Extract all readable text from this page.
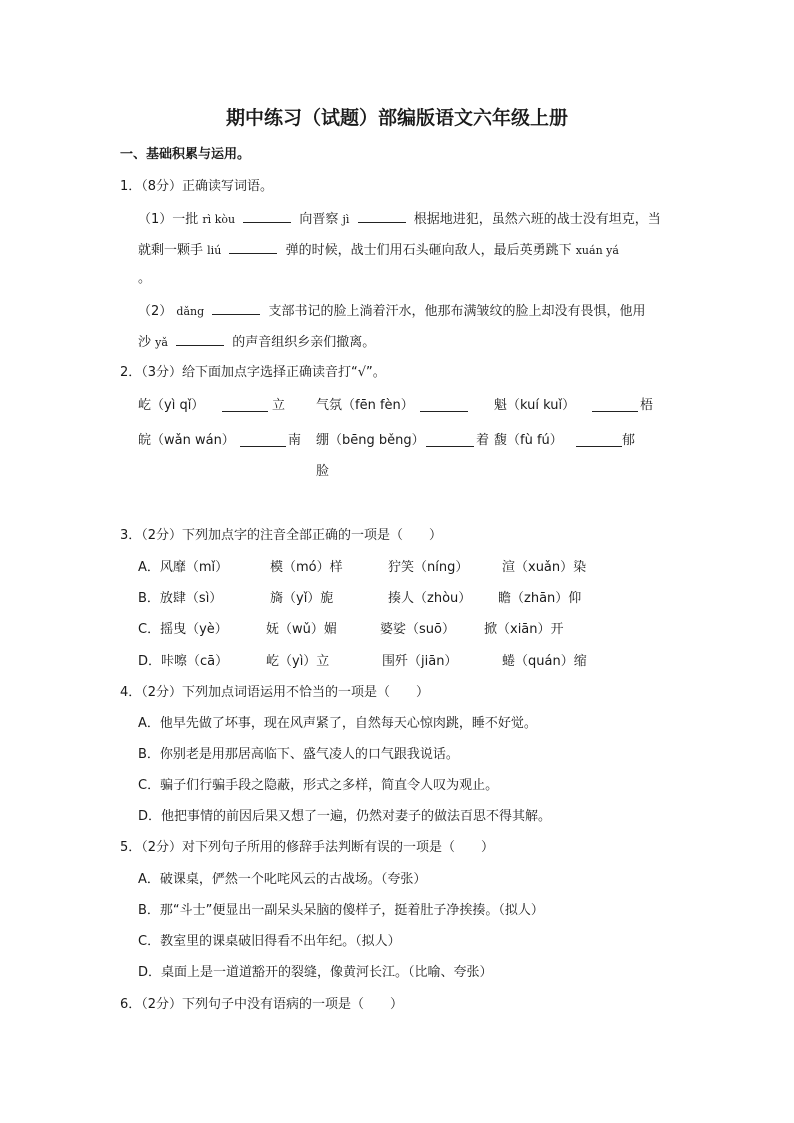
期中练习（试题）部编版语文六年级上册
一、基础积累与运用。
1．（8分）正确读写词语。
（1）一批 rì kòu	向晋察 jì	根据地进犯，虽然六班的战士没有坦克，当
就剩一颗手 liú	弹的时候，战士们用石头砸向敌人，最后英勇跳下 xuán yá
。
（2） dǎng	支部书记的脸上淌着汗水，他那布满皱纹的脸上却没有畏惧，他用
沙 yǎ	的声音组织乡亲们撤离。
2．（3分）给下面加点字选择正确读音打“√”。
屹（yì qǐ）	立 气氛（fēn fèn）	魁（kuí kuǐ）	梧
皖（wǎn wán）	南 绷（bēng běng）	着 馥（fù fú）	郁
脸
3．（2分）下列加点字的注音全部正确的一项是（　　）
A．风靡（mǐ）	模（mó）样	狞笑（níng）	渲（xuǎn）染
B．放肆（sì）	旖（yǐ）旎	揍人（zhòu） 瞻（zhān）仰
C．摇曳（yè）	妩（wǔ）媚	婆娑（suō） 掀（xiān）开
D．咔嚓（cā）	屹（yì）立	围歼（jiān）	蜷（quán）缩
4．（2分）下列加点词语运用不恰当的一项是（　　）
A．他早先做了坏事，现在风声紧了，自然每天心惊肉跳，睡不好觉。
B．你别老是用那居高临下、盛气凌人的口气跟我说话。
C．骗子们行骗手段之隐蔽，形式之多样，简直令人叹为观止。
D．他把事情的前因后果又想了一遍，仍然对妻子的做法百思不得其解。
5．（2分）对下列句子所用的修辞手法判断有误的一项是（　　）
A．破课桌，俨然一个叱咤风云的古战场。（夸张）
B．那“斗士”便显出一副呆头呆脑的傻样子，挺着肚子净挨揍。（拟人）
C．教室里的课桌破旧得看不出年纪。（拟人）
D．桌面上是一道道豁开的裂缝，像黄河长江。（比喻、夸张）
6．（2分）下列句子中没有语病的一项是（　　）
